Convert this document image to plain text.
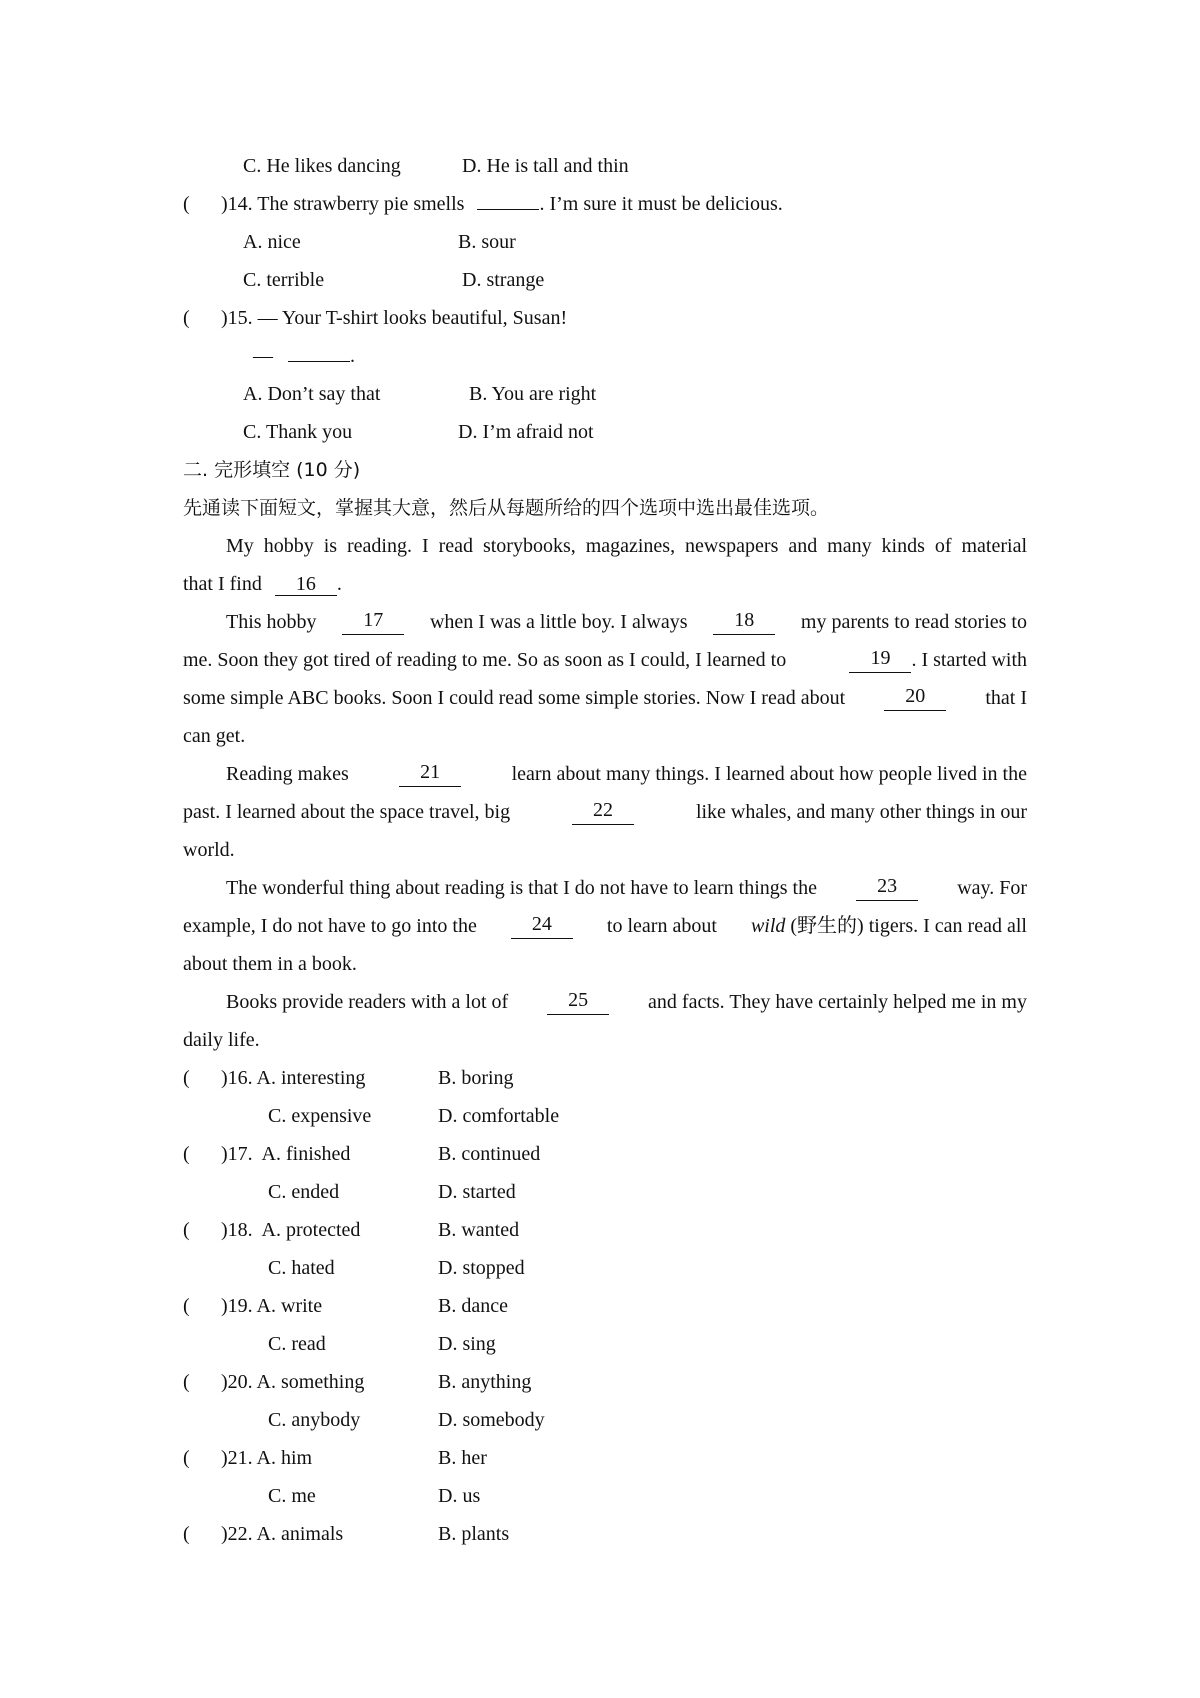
C. He likes dancing	D. He is tall and thin
( )14. The strawberry pie smells	. I’m sure it must be delicious.
A. nice	B. sour
C. terrible	D. strange
( )15. — Your T-shirt looks beautiful, Susan!
—	.
A. Don’t say that	B. You are right
C. Thank you	D. I’m afraid not
二. 完形填空 (10 分)
先通读下面短文，掌握其大意，然后从每题所给的四个选项中选出最佳选项。
My hobby is reading. I read storybooks, magazines, newspapers and many kinds of material
that I find 16 .
This hobby	17	when I was a little boy. I always	18	my parents to read stories to
me. Soon they got tired of reading to me. So as soon as I could, I learned to	19	. I started with
some simple ABC books. Soon I could read some simple stories. Now I read about	20	that I
can get.
Reading makes	21	learn about many things. I learned about how people lived in the
past. I learned about the space travel, big	22	like whales, and many other things in our
world.
The wonderful thing about reading is that I do not have to learn things the	23	way. For
example, I do not have to go into the	24	to learn about wild (野生的) tigers. I can read all
about them in a book.
Books provide readers with a lot of	25	and facts. They have certainly helped me in my
daily life.
( )16. A. interesting	B. boring
C. expensive	D. comfortable
( )17.  A. finished	B. continued
C. ended	D. started
( )18.  A. protected	B. wanted
C. hated	D. stopped
( )19. A. write	B. dance
C. read	D. sing
( )20. A. something	B. anything
C. anybody	D. somebody
( )21. A. him	B. her
C. me	D. us
( )22. A. animals	B. plants
